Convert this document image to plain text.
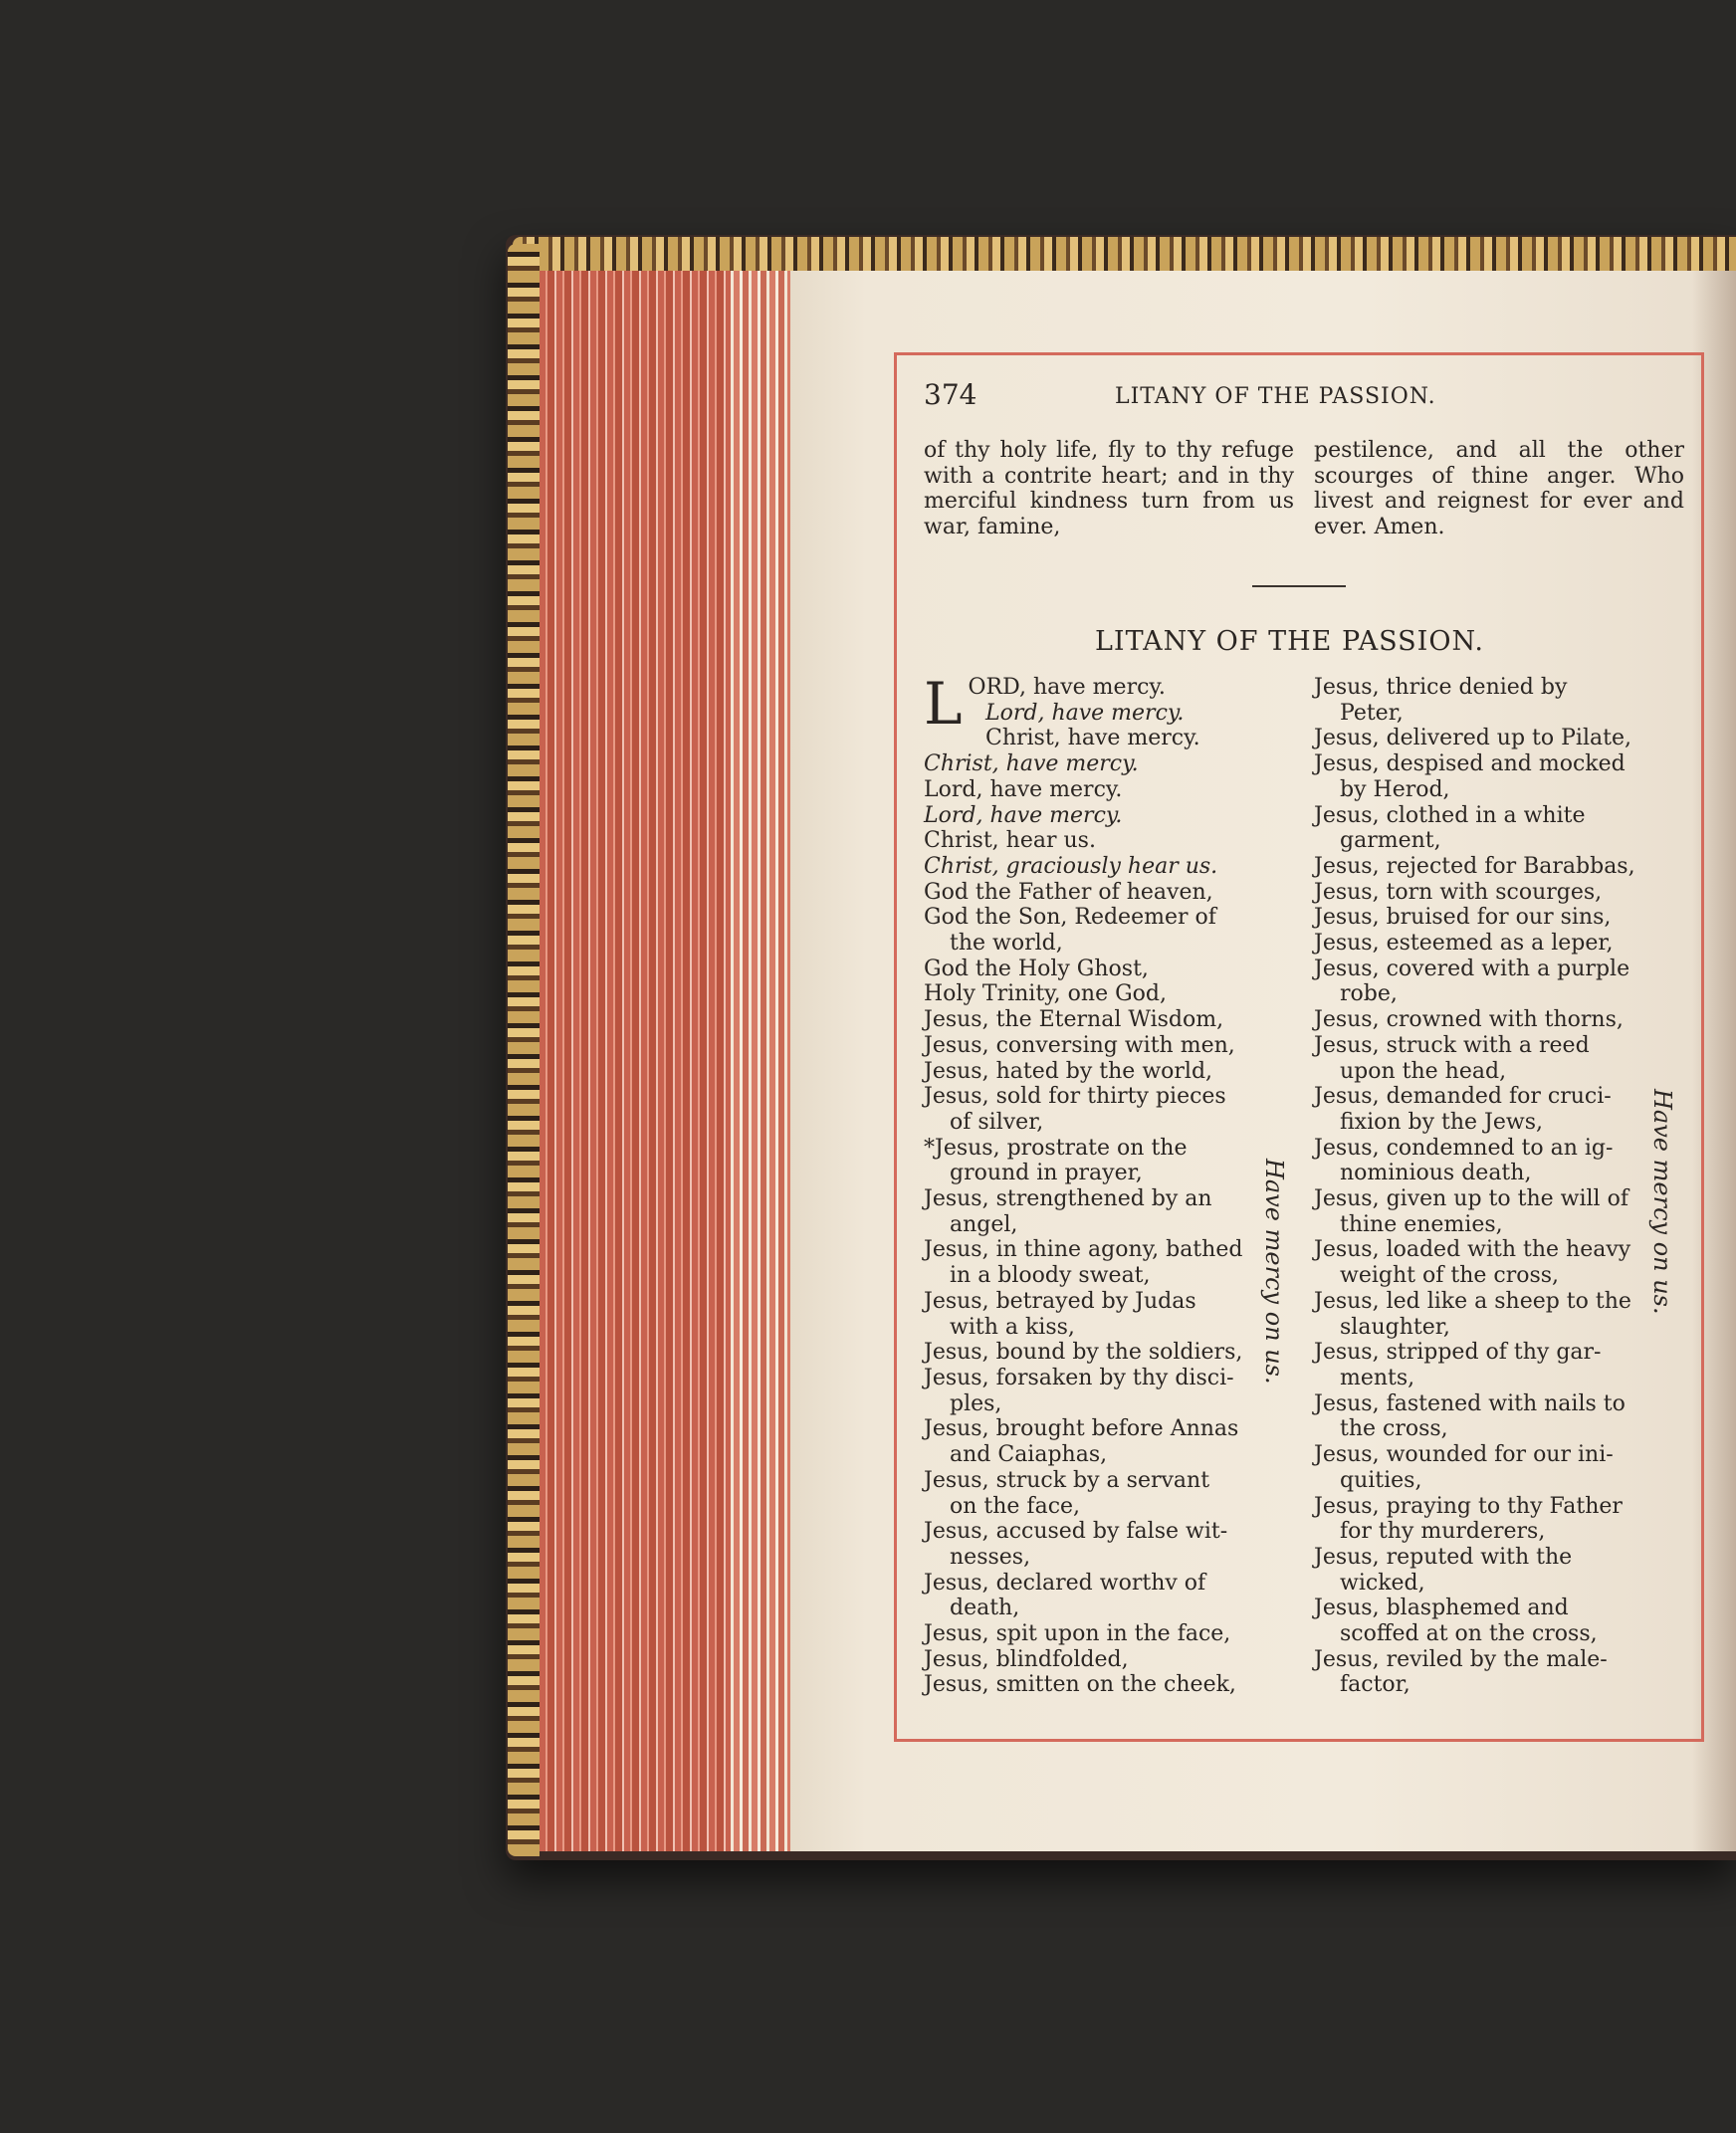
374	LITANY OF THE PASSION.
of thy holy life, fly to thy refuge with a contrite heart; and in thy merciful kindness turn from us war, famine,
pestilence, and all the other scourges of thine anger. Who livest and reignest for ever and ever. Amen.
LITANY OF THE PASSION.
L ORD, have mercy.
Lord, have mercy.
Christ, have mercy.
Christ, have mercy.
Lord, have mercy.
Lord, have mercy.
Christ, hear us.
Christ, graciously hear us.
God the Father of heaven,
God the Son, Redeemer of
the world,
God the Holy Ghost,
Holy Trinity, one God,
Jesus, the Eternal Wisdom,
Jesus, conversing with men,
Jesus, hated by the world,
Jesus, sold for thirty pieces
of silver,
*Jesus, prostrate on the
ground in prayer,
Jesus, strengthened by an
angel,
Jesus, in thine agony, bathed
in a bloody sweat,
Jesus, betrayed by Judas
with a kiss,
Jesus, bound by the soldiers,
Jesus, forsaken by thy disci-
ples,
Jesus, brought before Annas
and Caiaphas,
Jesus, struck by a servant
on the face,
Jesus, accused by false wit-
nesses,
Jesus, declared worthv of
death,
Jesus, spit upon in the face,
Jesus, blindfolded,
Jesus, smitten on the cheek,
Jesus, thrice denied by
Peter,
Jesus, delivered up to Pilate,
Jesus, despised and mocked
by Herod,
Jesus, clothed in a white
garment,
Jesus, rejected for Barabbas,
Jesus, torn with scourges,
Jesus, bruised for our sins,
Jesus, esteemed as a leper,
Jesus, covered with a purple
robe,
Jesus, crowned with thorns,
Jesus, struck with a reed
upon the head,
Jesus, demanded for cruci-
fixion by the Jews,
Jesus, condemned to an ig-
nominious death,
Jesus, given up to the will of
thine enemies,
Jesus, loaded with the heavy
weight of the cross,
Jesus, led like a sheep to the
slaughter,
Jesus, stripped of thy gar-
ments,
Jesus, fastened with nails to
the cross,
Jesus, wounded for our ini-
quities,
Jesus, praying to thy Father
for thy murderers,
Jesus, reputed with the
wicked,
Jesus, blasphemed and
scoffed at on the cross,
Jesus, reviled by the male-
factor,
Have mercy on us.	Have mercy on us.
